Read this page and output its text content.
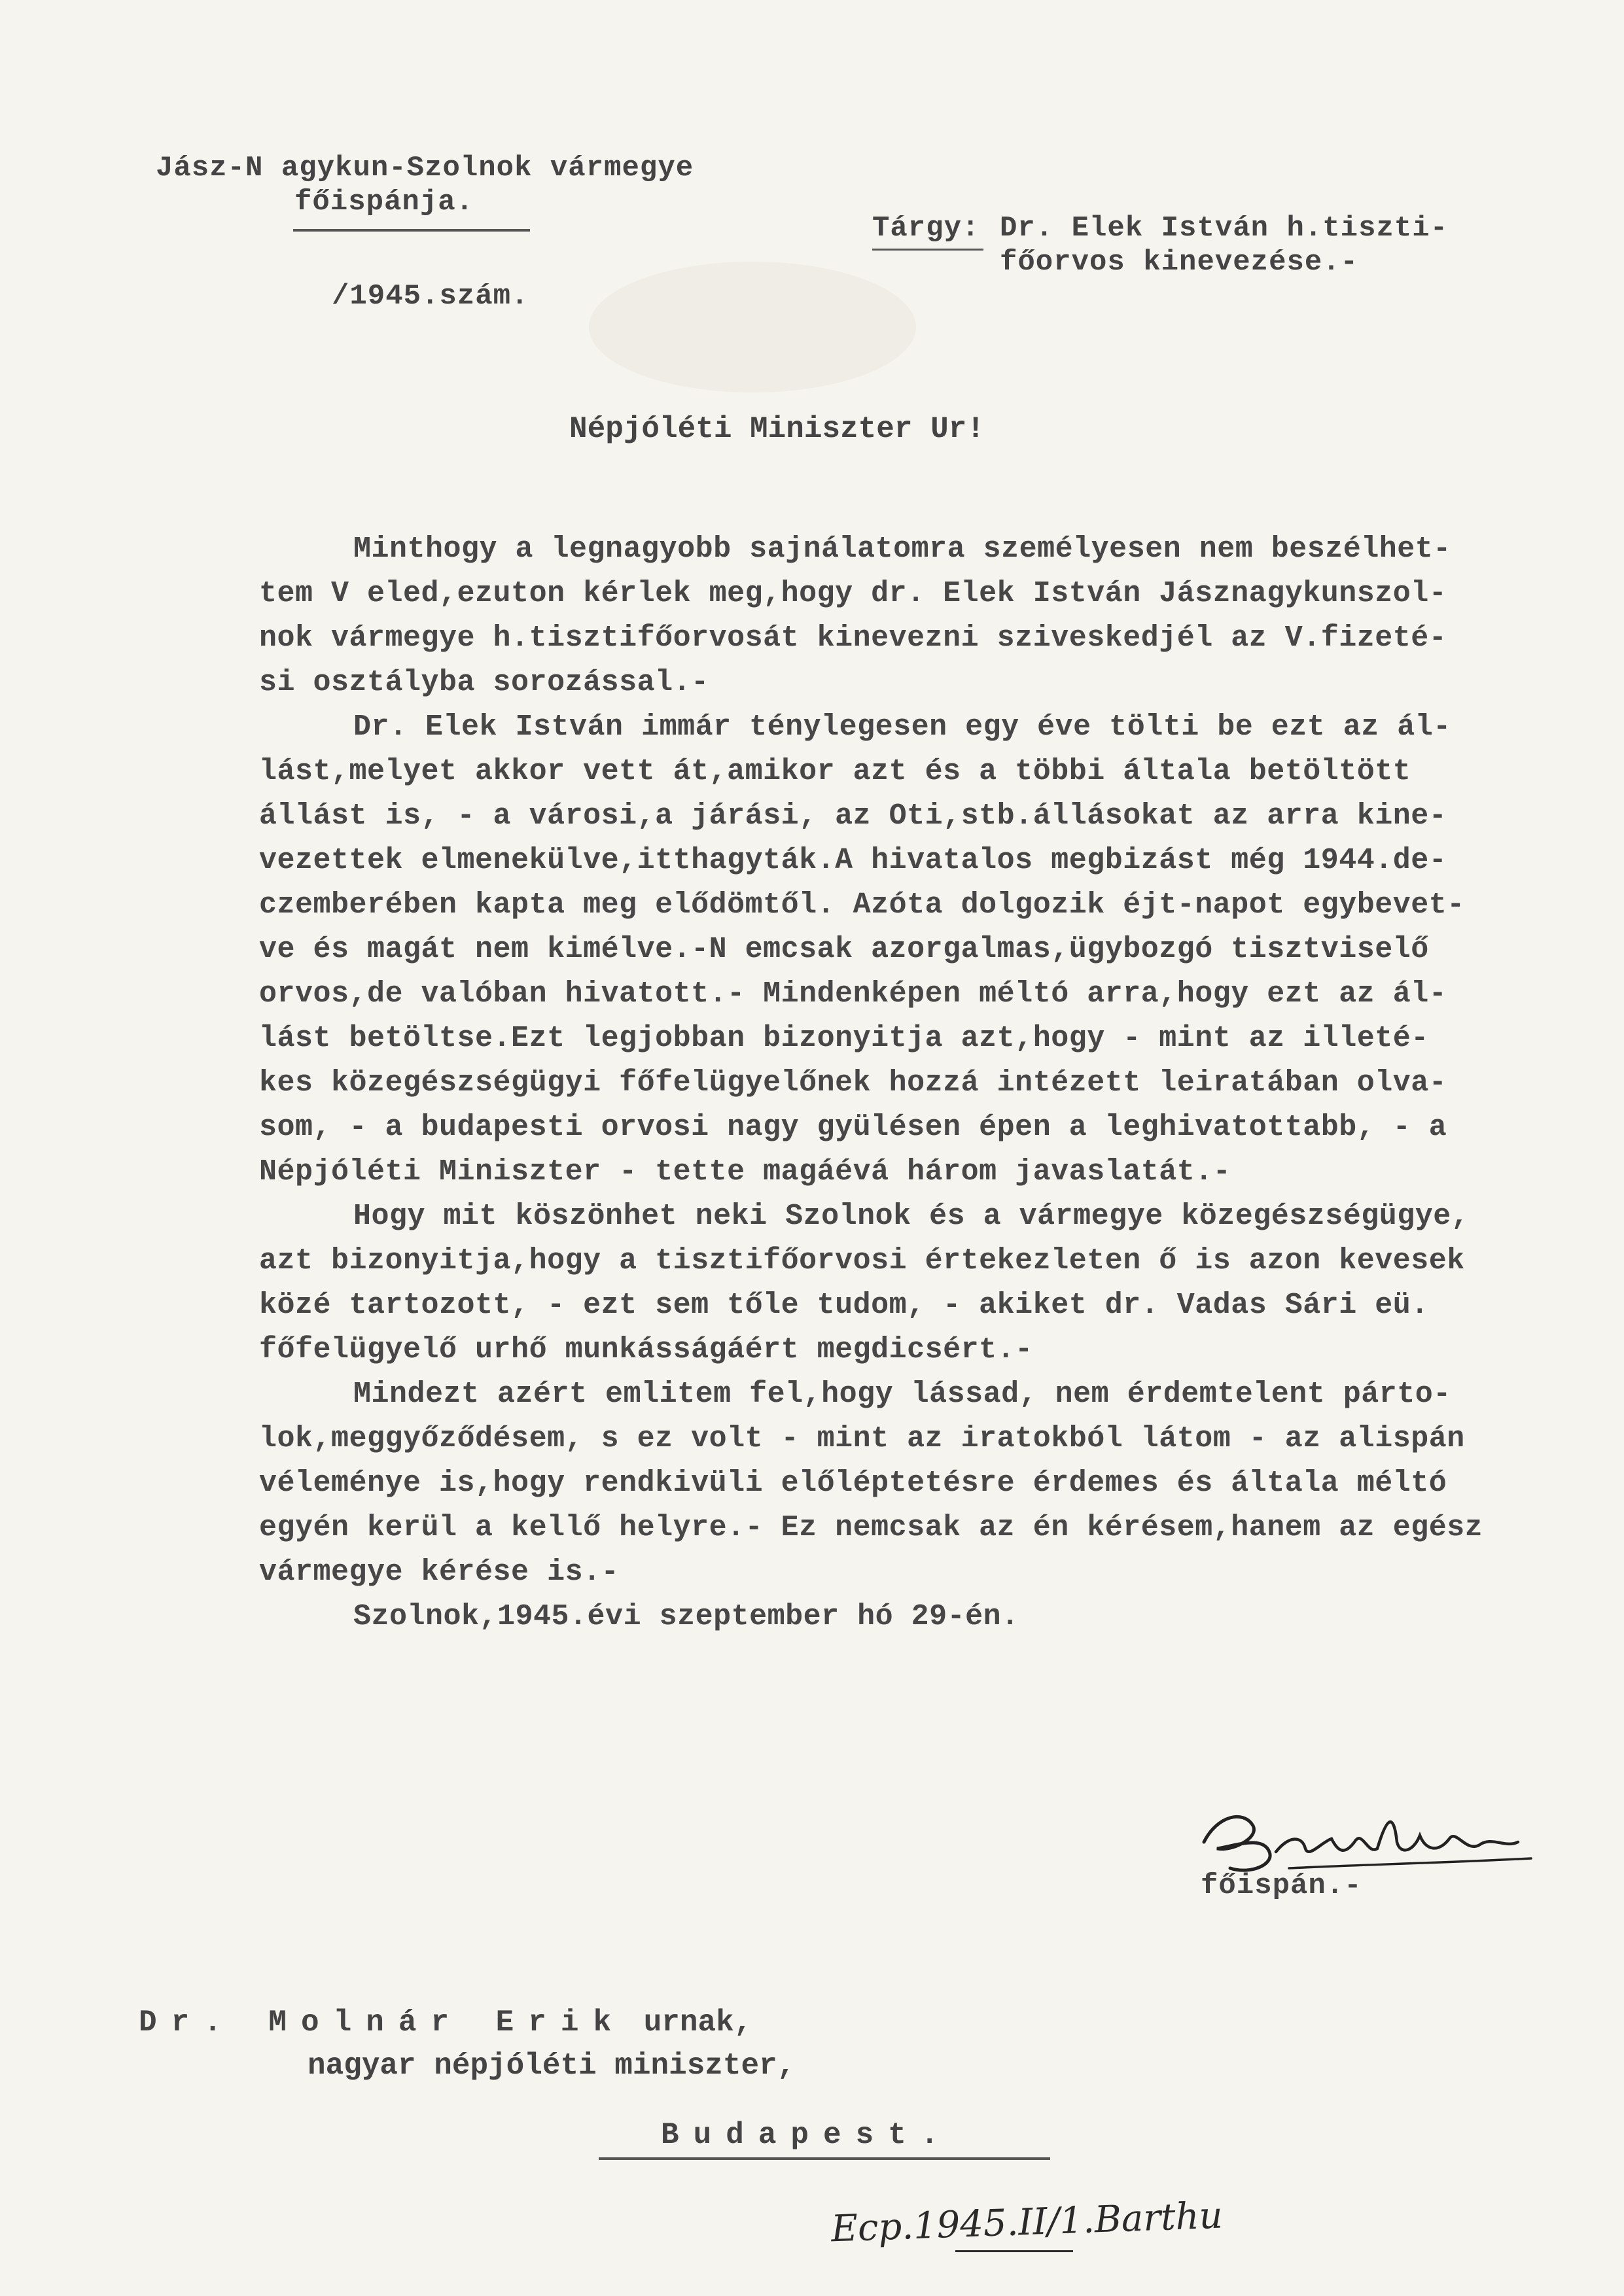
Jász-N agykun-Szolnok vármegye
főispánja.
/1945.szám.
Tárgy: Dr. Elek István h.tiszti-
főorvos kinevezése.-
Népjóléti Miniszter Ur!
Minthogy a legnagyobb sajnálatomra személyesen nem beszélhet-
tem V eled,ezuton kérlek meg,hogy dr. Elek István Jásznagykunszol-
nok vármegye h.tisztifőorvosát kinevezni sziveskedjél az V.fizeté-
si osztályba sorozással.-
Dr. Elek István immár ténylegesen egy éve tölti be ezt az ál-
lást,melyet akkor vett át,amikor azt és a többi általa betöltött
állást is, - a városi,a járási, az Oti,stb.állásokat az arra kine-
vezettek elmenekülve,itthagyták.A hivatalos megbizást még 1944.de-
czemberében kapta meg elődömtől. Azóta dolgozik éjt-napot egybevet-
ve és magát nem kimélve.-N emcsak azorgalmas,ügybozgó tisztviselő
orvos,de valóban hivatott.- Mindenképen méltó arra,hogy ezt az ál-
lást betöltse.Ezt legjobban bizonyitja azt,hogy - mint az illeté-
kes közegészségügyi főfelügyelőnek hozzá intézett leiratában olva-
som, - a budapesti orvosi nagy gyülésen épen a leghivatottabb, - a
Népjóléti Miniszter - tette magáévá három javaslatát.-
Hogy mit köszönhet neki Szolnok és a vármegye közegészségügye,
azt bizonyitja,hogy a tisztifőorvosi értekezleten ő is azon kevesek
közé tartozott, - ezt sem tőle tudom, - akiket dr. Vadas Sári eü.
főfelügyelő urhő munkásságáért megdicsért.-
Mindezt azért emlitem fel,hogy lássad, nem érdemtelent párto-
lok,meggyőződésem, s ez volt - mint az iratokból látom - az alispán
véleménye is,hogy rendkivüli előléptetésre érdemes és általa méltó
egyén kerül a kellő helyre.- Ez nemcsak az én kérésem,hanem az egész
vármegye kérése is.-
Szolnok,1945.évi szeptember hó 29-én.

főispán.-
Dr. Molnár Erik urnak,
nagyar népjóléti miniszter,
Budapest.
Ecp.1945.II/1.Barthu
